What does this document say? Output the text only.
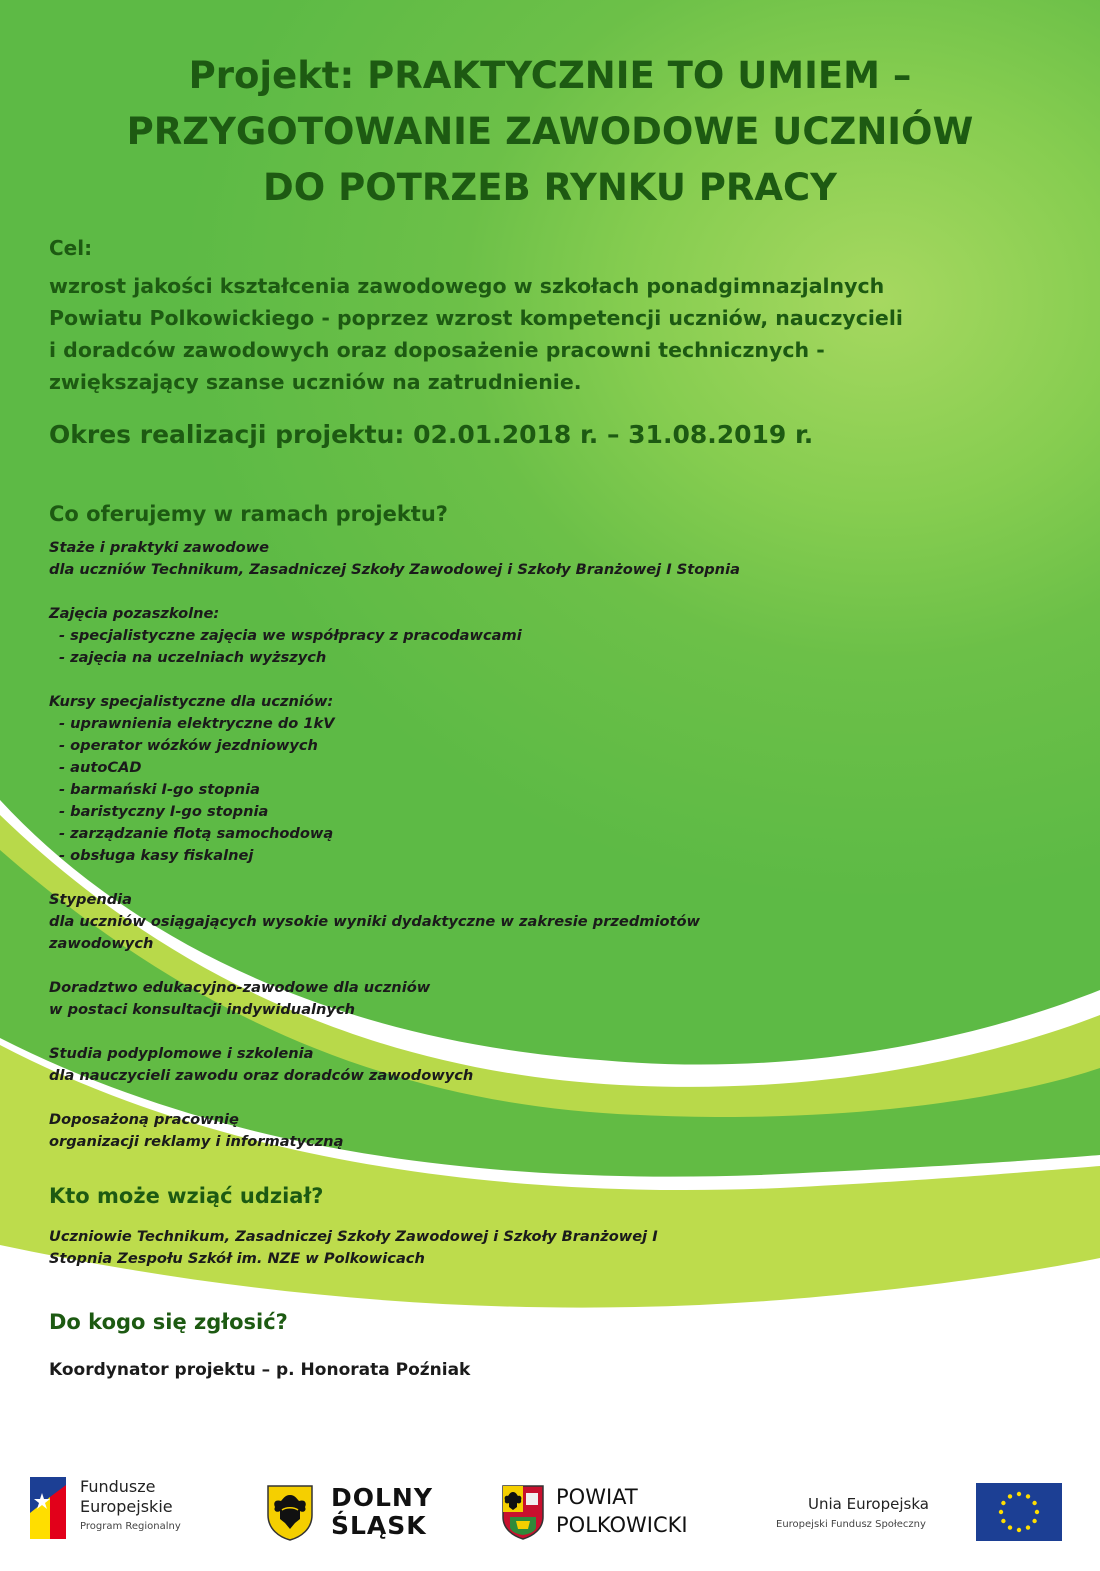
Projekt: PRAKTYCZNIE TO UMIEM –
PRZYGOTOWANIE ZAWODOWE UCZNIÓW
DO POTRZEB RYNKU PRACY
Cel:
wzrost jakości kształcenia zawodowego w szkołach ponadgimnazjalnych
Powiatu Polkowickiego - poprzez wzrost kompetencji uczniów, nauczycieli
i doradców zawodowych oraz doposażenie pracowni technicznych -
zwiększający szanse uczniów na zatrudnienie.
Okres realizacji projektu: 02.01.2018 r. – 31.08.2019 r.
Co oferujemy w ramach projektu?
Staże i praktyki zawodowe
dla uczniów Technikum, Zasadniczej Szkoły Zawodowej i Szkoły Branżowej I Stopnia
Zajęcia pozaszkolne:
- specjalistyczne zajęcia we współpracy z pracodawcami
- zajęcia na uczelniach wyższych
Kursy specjalistyczne dla uczniów:
- uprawnienia elektryczne do 1kV
- operator wózków jezdniowych
- autoCAD
- barmański I-go stopnia
- baristyczny I-go stopnia
- zarządzanie flotą samochodową
- obsługa kasy fiskalnej
Stypendia
dla uczniów osiągających wysokie wyniki dydaktyczne w zakresie przedmiotów
zawodowych
Doradztwo edukacyjno-zawodowe dla uczniów
w postaci konsultacji indywidualnych
Studia podyplomowe i szkolenia
dla nauczycieli zawodu oraz doradców zawodowych
Doposażoną pracownię
organizacji reklamy i informatyczną
Kto może wziąć udział?
Uczniowie Technikum, Zasadniczej Szkoły Zawodowej i Szkoły Branżowej I
Stopnia Zespołu Szkół im. NZE w Polkowicach
Do kogo się zgłosić?
Koordynator projektu – p. Honorata Poźniak
Fundusze
Europejskie
Program Regionalny
DOLNY
ŚLĄSK
POWIAT
POLKOWICKI
Unia Europejska
Europejski Fundusz Społeczny
